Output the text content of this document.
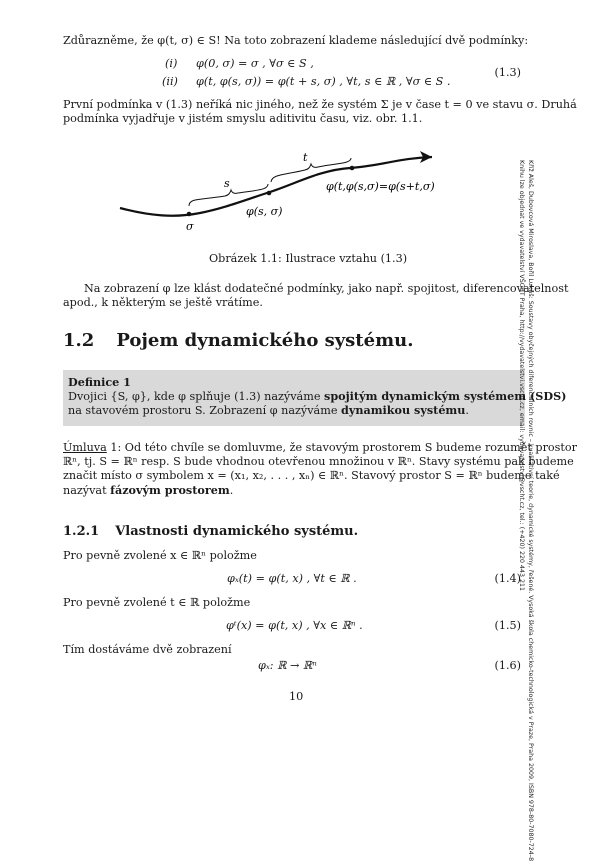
Zdůrazněme, že φ(t, σ) ∈ S! Na toto zobrazení klademe následující dvě podmínky:
(i) φ(0, σ) = σ , ∀σ ∈ S ,
(ii) φ(t, φ(s, σ)) = φ(t + s, σ) , ∀t, s ∈ ℝ , ∀σ ∈ S .
(1.3)
První podmínka v (1.3) neříká nic jiného, než že systém Σ je v čase t = 0 ve stavu σ. Druhá
podmínka vyjadřuje v jistém smyslu aditivitu času, viz. obr. 1.1.
s
t
σ
φ(s, σ)
φ(t,φ(s,σ)=φ(s+t,σ)
Obrázek 1.1: Ilustrace vztahu (1.3)
Na zobrazení φ lze klást dodatečné podmínky, jako např. spojitost, diferencovatelnost
apod., k některým se ještě vrátíme.
1.2 Pojem dynamického systému.
Definice 1
Dvojici {S, φ}, kde φ splňuje (1.3) nazýváme spojitým dynamickým systémem (SDS)
na stavovém prostoru S. Zobrazení φ nazýváme dynamikou systému.
Úmluva 1: Od této chvíle se domluvme, že stavovým prostorem S budeme rozumět prostor
ℝⁿ, tj. S = ℝⁿ resp. S bude vhodnou otevřenou množinou v ℝⁿ. Stavy systému pak budeme
značit místo σ symbolem x = (x₁, x₂, . . . , xₙ) ∈ ℝⁿ. Stavový prostor S = ℝⁿ budeme také
nazývat fázovým prostorem.
1.2.1 Vlastnosti dynamického systému.
Pro pevně zvolené x ∈ ℝⁿ položme
φₓ(t) = φ(t, x) , ∀t ∈ ℝ .	(1.4)
Pro pevně zvolené t ∈ ℝ položme
φᵗ(x) = φ(t, x) , ∀x ∈ ℝⁿ .	(1.5)
Tím dostáváme dvě zobrazení
φₓ: ℝ → ℝⁿ	(1.6)
10	Kříž Aleš, Dubovcová Miroslava, Bořil Lukáš: Soustavy obyčejných diferenciálních rovnic – kvalitativní teorie, dynamické systémy, řešené. Vysoká škola chemicko-technologická v Praze, Praha 2009, ISBN 978-80-7080-724-8
Knihu lze objednat ve vydavatelství VŠCHT Praha, http://vydavatelstvi.vscht.cz, email: vydavatelstvi@vscht.cz, tel.: (+420) 220 443 211
